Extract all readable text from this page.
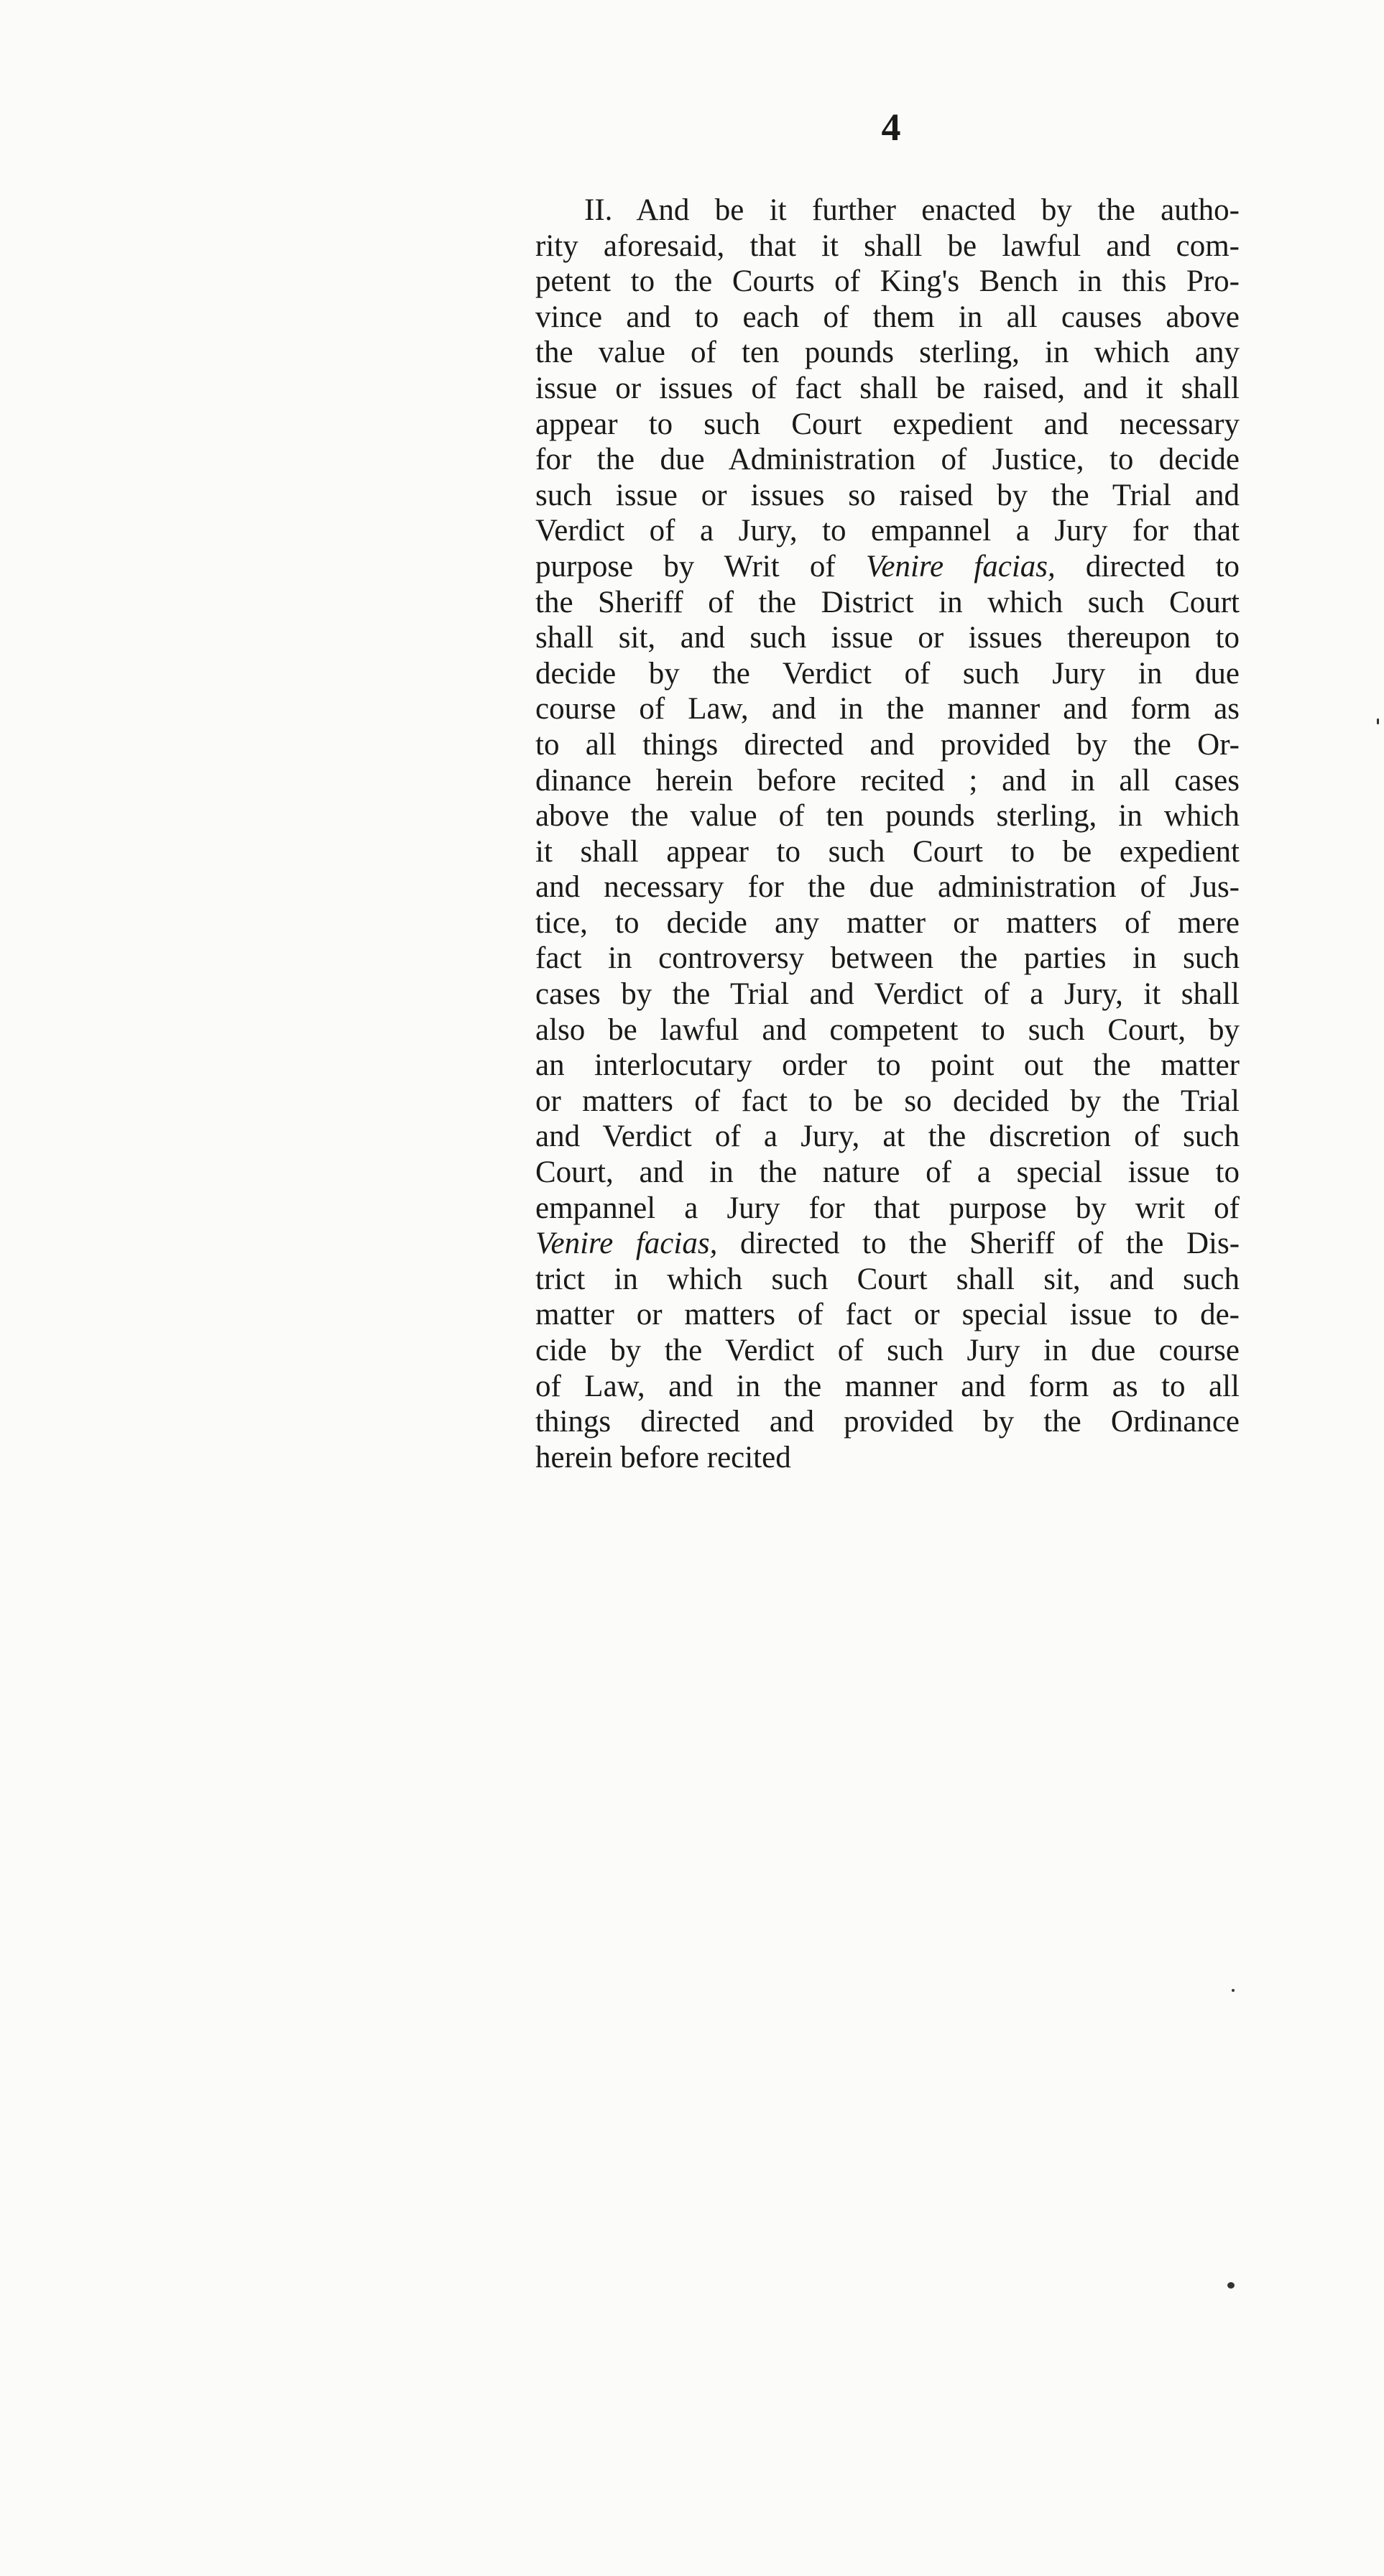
4
II. And be it further enacted by the autho-
rity aforesaid, that it shall be lawful and com-
petent to the Courts of King's Bench in this Pro-
vince and to each of them in all causes above
the value of ten pounds sterling, in which any
issue or issues of fact shall be raised, and it shall
appear to such Court expedient and necessary
for the due Administration of Justice, to decide
such issue or issues so raised by the Trial and
Verdict of a Jury, to empannel a Jury for that
purpose by Writ of Venire facias, directed to
the Sheriff of the District in which such Court
shall sit, and such issue or issues thereupon to
decide by the Verdict of such Jury in due
course of Law, and in the manner and form as
to all things directed and provided by the Or-
dinance herein before recited ; and in all cases
above the value of ten pounds sterling, in which
it shall appear to such Court to be expedient
and necessary for the due administration of Jus-
tice, to decide any matter or matters of mere
fact in controversy between the parties in such
cases by the Trial and Verdict of a Jury, it shall
also be lawful and competent to such Court, by
an interlocutary order to point out the matter
or matters of fact to be so decided by the Trial
and Verdict of a Jury, at the discretion of such
Court, and in the nature of a special issue to
empannel a Jury for that purpose by writ of
Venire facias, directed to the Sheriff of the Dis-
trict in which such Court shall sit, and such
matter or matters of fact or special issue to de-
cide by the Verdict of such Jury in due course
of Law, and in the manner and form as to all
things directed and provided by the Ordinance
herein before recited
